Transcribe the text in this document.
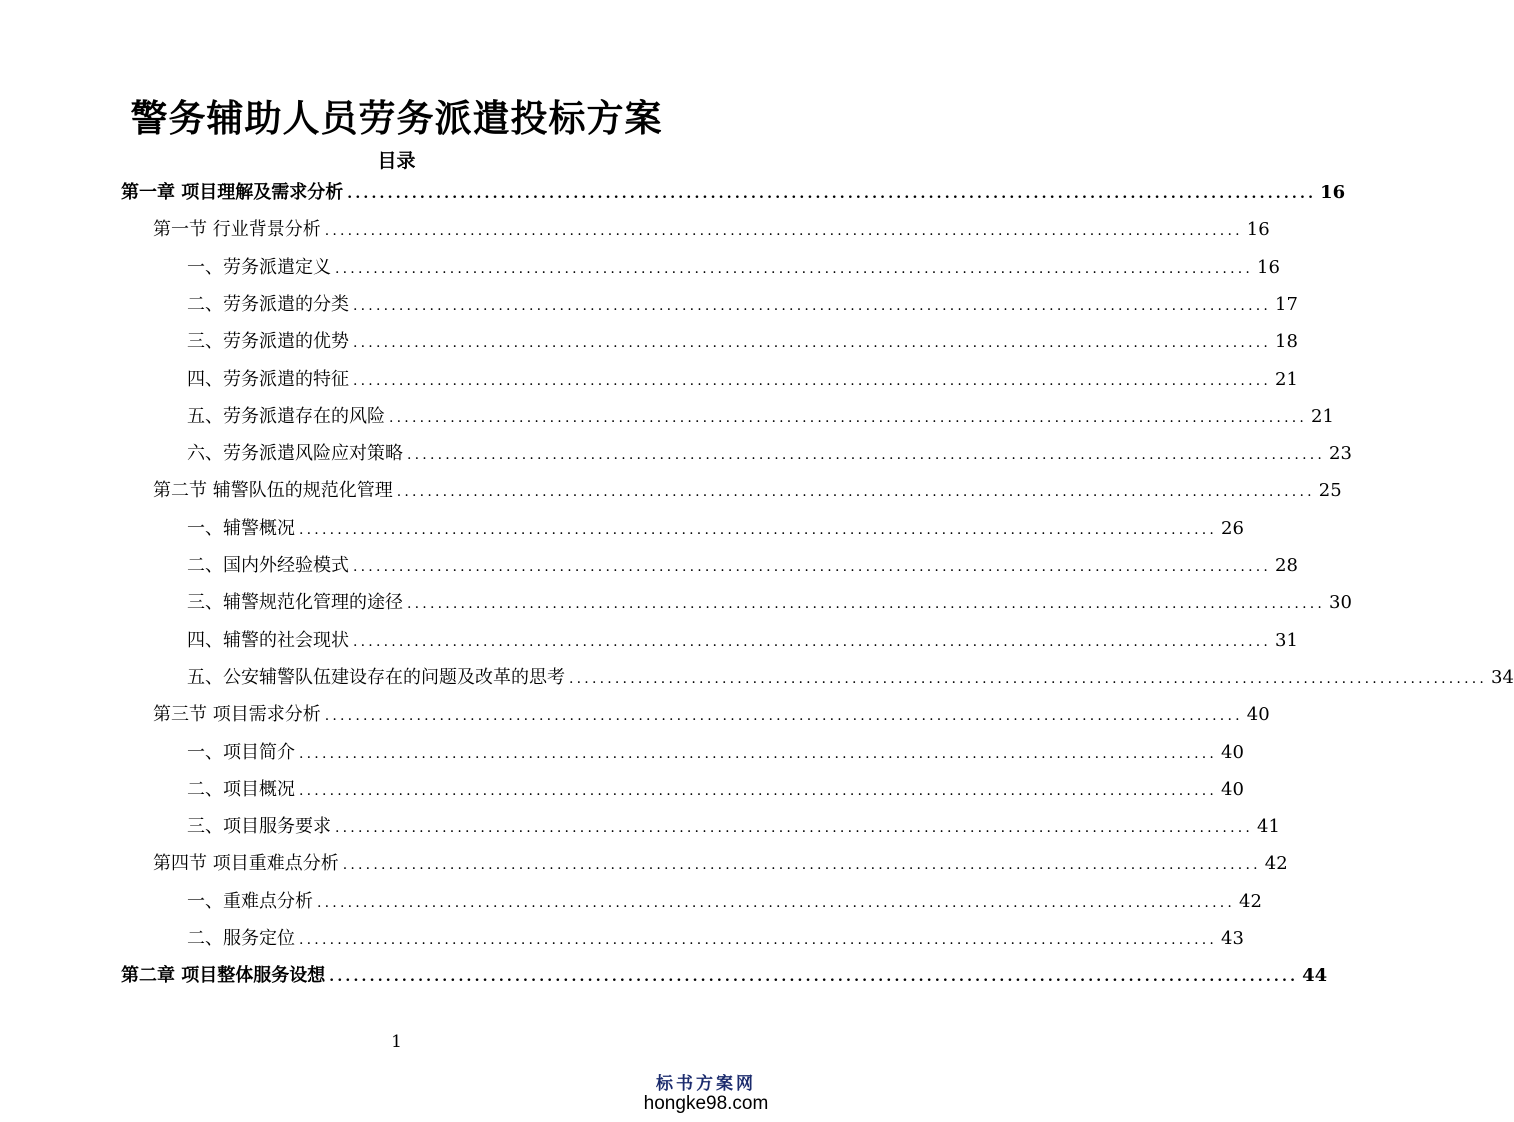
警务辅助人员劳务派遣投标方案
目录
第一章 项目理解及需求分析 ........................................................................................................................ 16
第一节 行业背景分析 ........................................................................................................................ 16
一、劳务派遣定义 ........................................................................................................................ 16
二、劳务派遣的分类 ........................................................................................................................ 17
三、劳务派遣的优势 ........................................................................................................................ 18
四、劳务派遣的特征 ........................................................................................................................ 21
五、劳务派遣存在的风险 ........................................................................................................................ 21
六、劳务派遣风险应对策略 ........................................................................................................................ 23
第二节 辅警队伍的规范化管理 ........................................................................................................................ 25
一、辅警概况 ........................................................................................................................ 26
二、国内外经验模式 ........................................................................................................................ 28
三、辅警规范化管理的途径 ........................................................................................................................ 30
四、辅警的社会现状 ........................................................................................................................ 31
五、公安辅警队伍建设存在的问题及改革的思考 ........................................................................................................................ 34
第三节 项目需求分析 ........................................................................................................................ 40
一、项目简介 ........................................................................................................................ 40
二、项目概况 ........................................................................................................................ 40
三、项目服务要求 ........................................................................................................................ 41
第四节 项目重难点分析 ........................................................................................................................ 42
一、重难点分析 ........................................................................................................................ 42
二、服务定位 ........................................................................................................................ 43
第二章 项目整体服务设想 ........................................................................................................................ 44
1
标书方案网
hongke98.com
